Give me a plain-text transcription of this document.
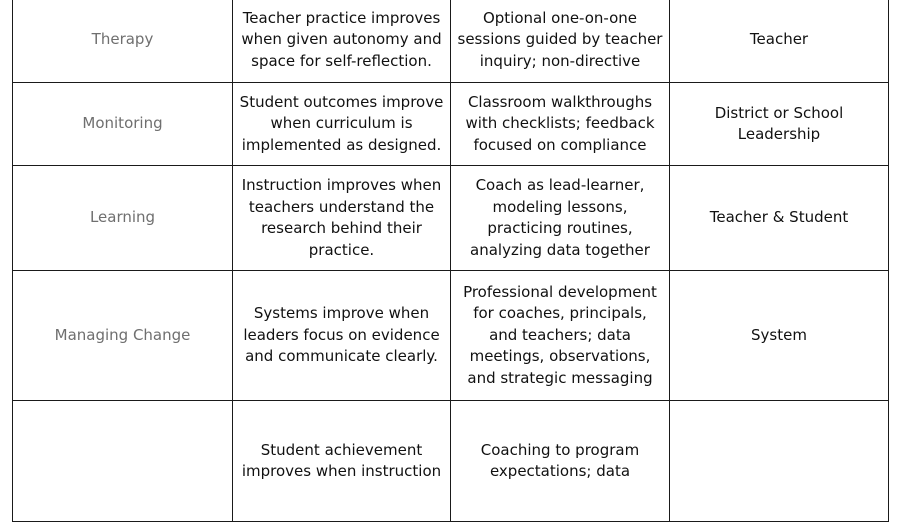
Therapy	Teacher practice improves when given autonomy and space for self-reflection.	Optional one-on-one sessions guided by teacher inquiry; non-directive	Teacher

Monitoring	Student outcomes improve when curriculum is implemented as designed.	Classroom walkthroughs with checklists; feedback focused on compliance	District or School Leadership

Learning	Instruction improves when teachers understand the research behind their practice.	Coach as lead-learner, modeling lessons, practicing routines, analyzing data together	Teacher & Student

Managing Change	Systems improve when leaders focus on evidence and communicate clearly.	Professional development for coaches, principals, and teachers; data meetings, observations, and strategic messaging	System

	Student achievement improves when instruction	Coaching to program expectations; data	
